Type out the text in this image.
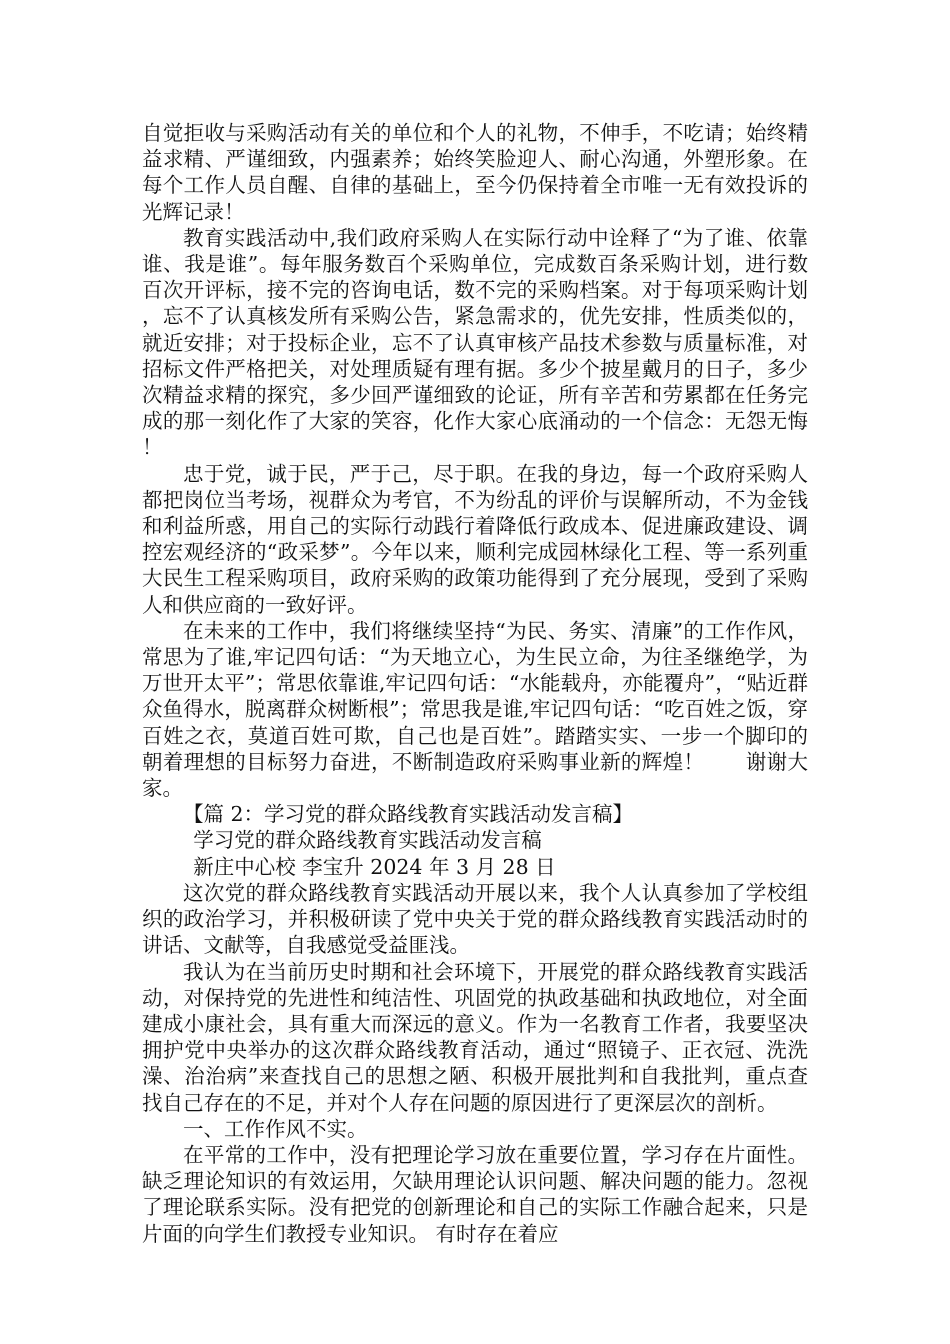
自觉拒收与采购活动有关的单位和个人的礼物，不伸手，不吃请；始终精益求精、严谨细致，内强素养；始终笑脸迎人、耐心沟通，外塑形象。在每个工作人员自醒、自律的基础上，至今仍保持着全市唯一无有效投诉的光辉记录！

教育实践活动中,我们政府采购人在实际行动中诠释了“为了谁、依靠谁、我是谁”。每年服务数百个采购单位，完成数百条采购计划，进行数百次开评标，接不完的咨询电话，数不完的采购档案。对于每项采购计划，忘不了认真核发所有采购公告，紧急需求的，优先安排，性质类似的，就近安排；对于投标企业，忘不了认真审核产品技术参数与质量标准，对招标文件严格把关，对处理质疑有理有据。多少个披星戴月的日子，多少次精益求精的探究，多少回严谨细致的论证，所有辛苦和劳累都在任务完成的那一刻化作了大家的笑容，化作大家心底涌动的一个信念：无怨无悔！

忠于党，诚于民，严于己，尽于职。在我的身边，每一个政府采购人都把岗位当考场，视群众为考官，不为纷乱的评价与误解所动，不为金钱和利益所惑，用自己的实际行动践行着降低行政成本、促进廉政建设、调控宏观经济的“政采梦”。今年以来，顺利完成园林绿化工程、等一系列重大民生工程采购项目，政府采购的政策功能得到了充分展现，受到了采购人和供应商的一致好评。

在未来的工作中，我们将继续坚持“为民、务实、清廉”的工作作风，常思为了谁,牢记四句话：“为天地立心，为生民立命，为往圣继绝学，为万世开太平”；常思依靠谁,牢记四句话：“水能载舟，亦能覆舟”，“贴近群众鱼得水，脱离群众树断根”；常思我是谁,牢记四句话：“吃百姓之饭，穿百姓之衣，莫道百姓可欺，自己也是百姓”。踏踏实实、一步一个脚印的朝着理想的目标努力奋进，不断制造政府采购事业新的辉煌！　　谢谢大家。

【篇 2：学习党的群众路线教育实践活动发言稿】

学习党的群众路线教育实践活动发言稿

新庄中心校 李宝升 2024 年 3 月 28 日

这次党的群众路线教育实践活动开展以来，我个人认真参加了学校组织的政治学习，并积极研读了党中央关于党的群众路线教育实践活动时的讲话、文献等，自我感觉受益匪浅。

我认为在当前历史时期和社会环境下，开展党的群众路线教育实践活动，对保持党的先进性和纯洁性、巩固党的执政基础和执政地位，对全面建成小康社会，具有重大而深远的意义。作为一名教育工作者，我要坚决拥护党中央举办的这次群众路线教育活动，通过“照镜子、正衣冠、洗洗澡、治治病”来查找自己的思想之陋、积极开展批判和自我批判，重点查找自己存在的不足，并对个人存在问题的原因进行了更深层次的剖析。

一、工作作风不实。

在平常的工作中，没有把理论学习放在重要位置，学习存在片面性。缺乏理论知识的有效运用，欠缺用理论认识问题、解决问题的能力。忽视了理论联系实际。没有把党的创新理论和自己的实际工作融合起来，只是片面的向学生们教授专业知识。 有时存在着应
